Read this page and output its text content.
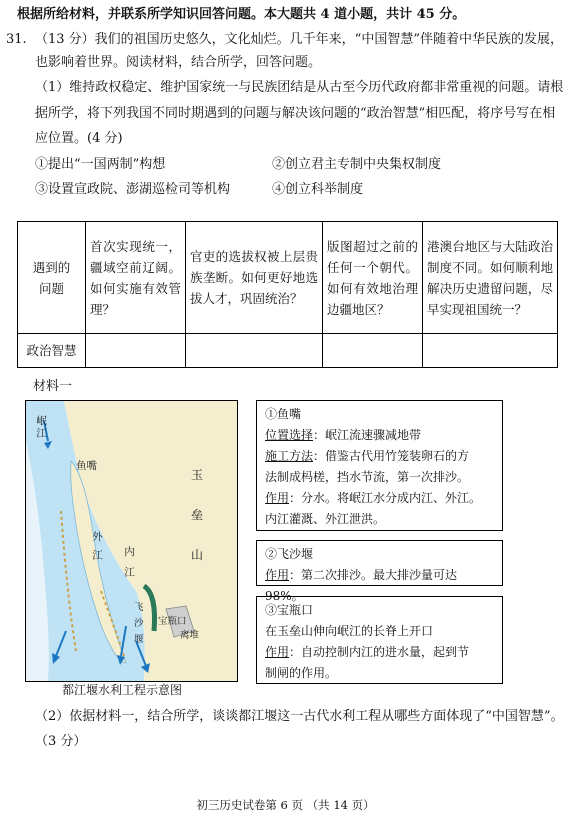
根据所给材料，并联系所学知识回答问题。本大题共 4 道小题，共计 45 分。
31. （13 分）我们的祖国历史悠久，文化灿烂。几千年来，“中国智慧”伴随着中华民族的发展，
也影响着世界。阅读材料，结合所学，回答问题。
（1）维持政权稳定、维护国家统一与民族团结是从古至今历代政府都非常重视的问题。请根
据所学，将下列我国不同时期遇到的问题与解决该问题的“政治智慧”相匹配，将序号写在相
应位置。(4 分)
①提出“一国两制”构想	②创立君主专制中央集权制度
③设置宣政院、澎湖巡检司等机构	④创立科举制度
遇到的问题	首次实现统一，疆域空前辽阔。如何实施有效管理？	官吏的选拔权被上层贵族垄断。如何更好地选拔人才，巩固统治？	版图超过之前的任何一个朝代。如何有效地治理边疆地区？	港澳台地区与大陆政治制度不同。如何顺利地解决历史遗留问题，尽早实现祖国统一？
政治智慧				
材料一
岷江
鱼嘴
外江 内江
玉
垒
山
飞
沙
堰
宝瓶口
离堆
都江堰水利工程示意图
①鱼嘴
位置选择：岷江流速骤减地带
施工方法：借鉴古代用竹笼装卵石的方
法制成杩槎，挡水节流，第一次排沙。
作用：分水。将岷江水分成内江、外江。
内江灌溉、外江泄洪。
②飞沙堰
作用：第二次排沙。最大排沙量可达 98%。
③宝瓶口
在玉垒山伸向岷江的长脊上开口
作用：自动控制内江的进水量，起到节
制闸的作用。
（2）依据材料一，结合所学，谈谈都江堰这一古代水利工程从哪些方面体现了“中国智慧”。
（3 分）
初三历史试卷第 6 页 （共 14 页）
